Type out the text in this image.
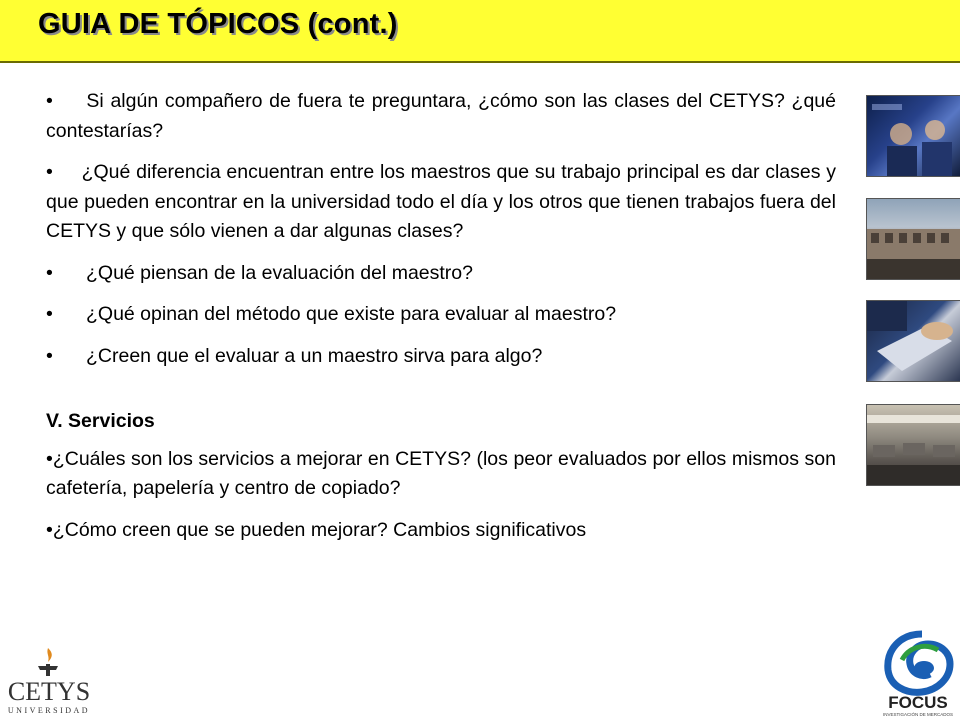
GUIA DE TÓPICOS (cont.)

•     Si algún compañero de fuera te preguntara, ¿cómo son las clases del CETYS? ¿qué contestarías?

•     ¿Qué diferencia encuentran entre los maestros que su trabajo principal es dar clases y que pueden encontrar en la universidad todo el día y los otros que tienen trabajos fuera del CETYS y que sólo vienen a dar algunas clases?

• ¿Qué piensan de la evaluación del maestro?

• ¿Qué opinan del método que existe para evaluar al maestro?

• ¿Creen que el evaluar a un maestro sirva para algo?

V. Servicios

•¿Cuáles son los servicios a mejorar en CETYS? (los peor evaluados por ellos mismos son cafetería, papelería y centro de copiado?

•¿Cómo creen que se pueden mejorar? Cambios significativos

CETYS
UNIVERSIDAD	FOCUS
INVESTIGACIÓN DE MERCADOS
